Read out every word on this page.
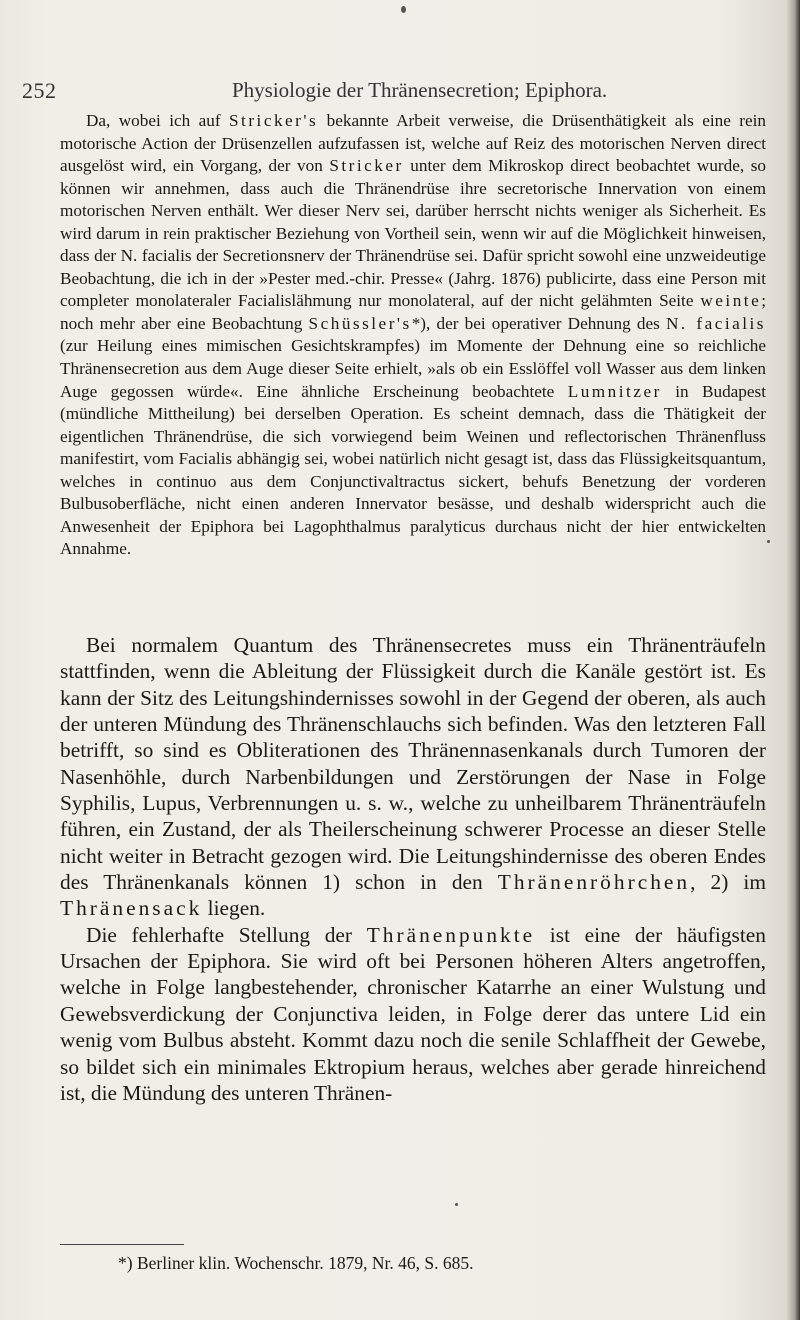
252	Physiologie der Thränensecretion; Epiphora.

Da, wobei ich auf Stricker's bekannte Arbeit verweise, die Drüsenthätigkeit als eine rein motorische Action der Drüsenzellen aufzufassen ist, welche auf Reiz des motorischen Nerven direct ausgelöst wird, ein Vorgang, der von Stricker unter dem Mikroskop direct beobachtet wurde, so können wir annehmen, dass auch die Thränendrüse ihre secretorische Innervation von einem motorischen Nerven enthält. Wer dieser Nerv sei, darüber herrscht nichts weniger als Sicherheit. Es wird darum in rein praktischer Beziehung von Vortheil sein, wenn wir auf die Möglichkeit hinweisen, dass der N. facialis der Secretionsnerv der Thränendrüse sei. Dafür spricht sowohl eine unzweideutige Beobachtung, die ich in der »Pester med.-chir. Presse« (Jahrg. 1876) publicirte, dass eine Person mit completer monolateraler Facialislähmung nur monolateral, auf der nicht gelähmten Seite weinte; noch mehr aber eine Beobachtung Schüssler's*), der bei operativer Dehnung des N. facialis (zur Heilung eines mimischen Gesichtskrampfes) im Momente der Dehnung eine so reichliche Thränensecretion aus dem Auge dieser Seite erhielt, »als ob ein Esslöffel voll Wasser aus dem linken Auge gegossen würde«. Eine ähnliche Erscheinung beobachtete Lumnitzer in Budapest (mündliche Mittheilung) bei derselben Operation. Es scheint demnach, dass die Thätigkeit der eigentlichen Thränendrüse, die sich vorwiegend beim Weinen und reflectorischen Thränenfluss manifestirt, vom Facialis abhängig sei, wobei natürlich nicht gesagt ist, dass das Flüssigkeitsquantum, welches in continuo aus dem Conjunctivaltractus sickert, behufs Benetzung der vorderen Bulbusoberfläche, nicht einen anderen Innervator besässe, und deshalb widerspricht auch die Anwesenheit der Epiphora bei Lagophthalmus paralyticus durchaus nicht der hier entwickelten Annahme.

Bei normalem Quantum des Thränensecretes muss ein Thränenträufeln stattfinden, wenn die Ableitung der Flüssigkeit durch die Kanäle gestört ist. Es kann der Sitz des Leitungshindernisses sowohl in der Gegend der oberen, als auch der unteren Mündung des Thränenschlauchs sich befinden. Was den letzteren Fall betrifft, so sind es Obliterationen des Thränennasenkanals durch Tumoren der Nasenhöhle, durch Narbenbildungen und Zerstörungen der Nase in Folge Syphilis, Lupus, Verbrennungen u. s. w., welche zu unheilbarem Thränenträufeln führen, ein Zustand, der als Theilerscheinung schwerer Processe an dieser Stelle nicht weiter in Betracht gezogen wird. Die Leitungshindernisse des oberen Endes des Thränenkanals können 1) schon in den Thränenröhrchen, 2) im Thränensack liegen.

Die fehlerhafte Stellung der Thränenpunkte ist eine der häufigsten Ursachen der Epiphora. Sie wird oft bei Personen höheren Alters angetroffen, welche in Folge langbestehender, chronischer Katarrhe an einer Wulstung und Gewebsverdickung der Conjunctiva leiden, in Folge derer das untere Lid ein wenig vom Bulbus absteht. Kommt dazu noch die senile Schlaffheit der Gewebe, so bildet sich ein minimales Ektropium heraus, welches aber gerade hinreichend ist, die Mündung des unteren Thränen-

*) Berliner klin. Wochenschr. 1879, Nr. 46, S. 685.
